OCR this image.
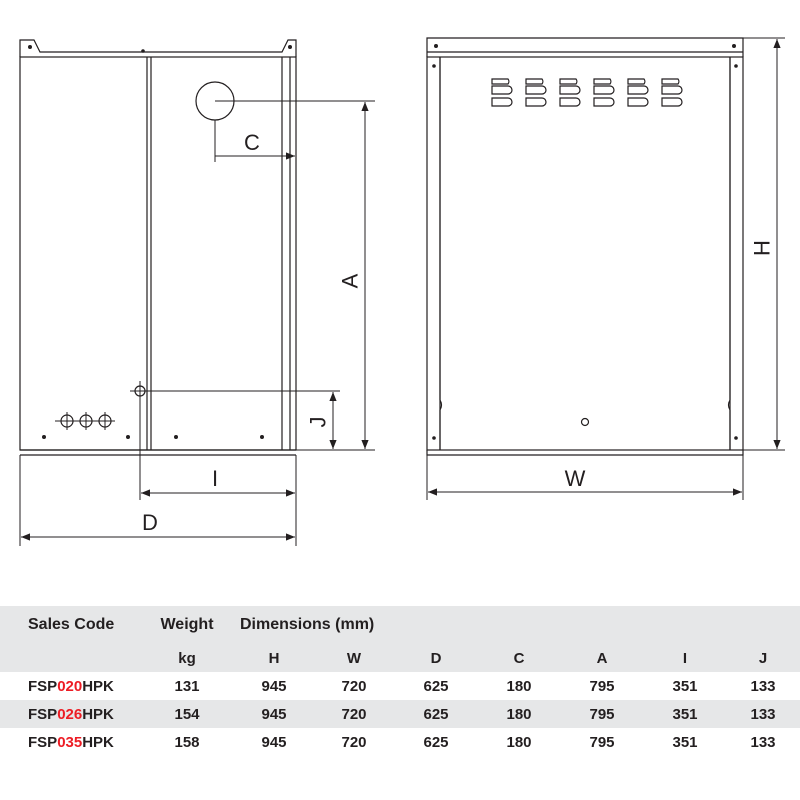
C
A
J
I
D
H
W
Sales Code	Weight	Dimensions (mm)						
	kg	H	W	D	C	A	I	J
FSP020HPK	131	945	720	625	180	795	351	133
FSP026HPK	154	945	720	625	180	795	351	133
FSP035HPK	158	945	720	625	180	795	351	133
